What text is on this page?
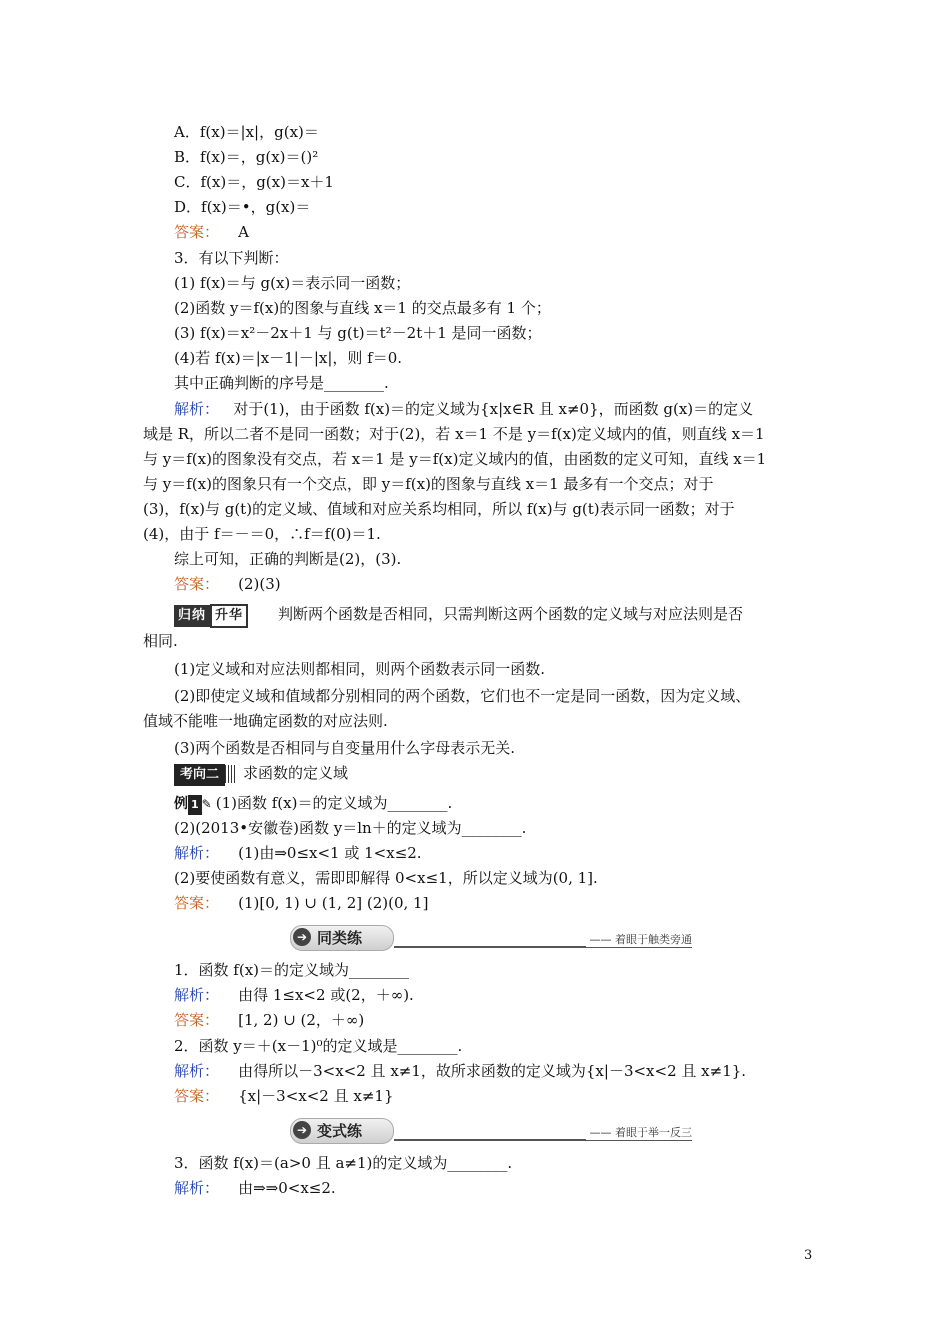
A．f(x)＝|x|，g(x)＝
B．f(x)＝，g(x)＝()²
C．f(x)＝，g(x)＝x＋1
D．f(x)＝•，g(x)＝
答案： A
3．有以下判断：
(1) f(x)＝与 g(x)＝表示同一函数；
(2)函数 y＝f(x)的图象与直线 x＝1 的交点最多有 1 个；
(3) f(x)＝x²－2x＋1 与 g(t)＝t²－2t＋1 是同一函数；
(4)若 f(x)＝|x－1|－|x|，则 f＝0.
其中正确判断的序号是________.
解析： 对于(1)，由于函数 f(x)＝的定义域为{x|x∈R 且 x≠0}，而函数 g(x)＝的定义
域是 R，所以二者不是同一函数；对于(2)，若 x＝1 不是 y＝f(x)定义域内的值，则直线 x＝1
与 y＝f(x)的图象没有交点，若 x＝1 是 y＝f(x)定义域内的值，由函数的定义可知，直线 x＝1
与 y＝f(x)的图象只有一个交点，即 y＝f(x)的图象与直线 x＝1 最多有一个交点；对于
(3)，f(x)与 g(t)的定义域、值域和对应关系均相同，所以 f(x)与 g(t)表示同一函数；对于
(4)，由于 f＝－＝0，∴f＝f(0)＝1.
综上可知，正确的判断是(2)，(3).
答案： (2)(3)
归纳 升华 判断两个函数是否相同，只需判断这两个函数的定义域与对应法则是否
相同.
(1)定义域和对应法则都相同，则两个函数表示同一函数.
(2)即使定义域和值域都分别相同的两个函数，它们也不一定是同一函数，因为定义域、
值域不能唯一地确定函数的对应法则.
(3)两个函数是否相同与自变量用什么字母表示无关.
考向二 求函数的定义域
例 1 ✎ (1)函数 f(x)＝的定义域为________.
(2)(2013•安徽卷)函数 y＝ln＋的定义域为________.
解析： (1)由⇒0≤x<1 或 1<x≤2.
(2)要使函数有意义，需即即解得 0<x≤1，所以定义域为(0, 1].
答案： (1)[0, 1) ∪ (1, 2] (2)(0, 1]
➔ 同类练	—— 着眼于触类旁通
1．函数 f(x)＝的定义域为________
解析： 由得 1≤x<2 或(2，＋∞).
答案： [1, 2) ∪ (2，＋∞)
2．函数 y＝＋(x－1)⁰的定义域是________.
解析： 由得所以－3<x<2 且 x≠1，故所求函数的定义域为{x|－3<x<2 且 x≠1}.
答案： {x|－3<x<2 且 x≠1}
➔ 变式练	—— 着眼于举一反三
3．函数 f(x)＝(a>0 且 a≠1)的定义域为________.
解析： 由⇒⇒0<x≤2.
3
